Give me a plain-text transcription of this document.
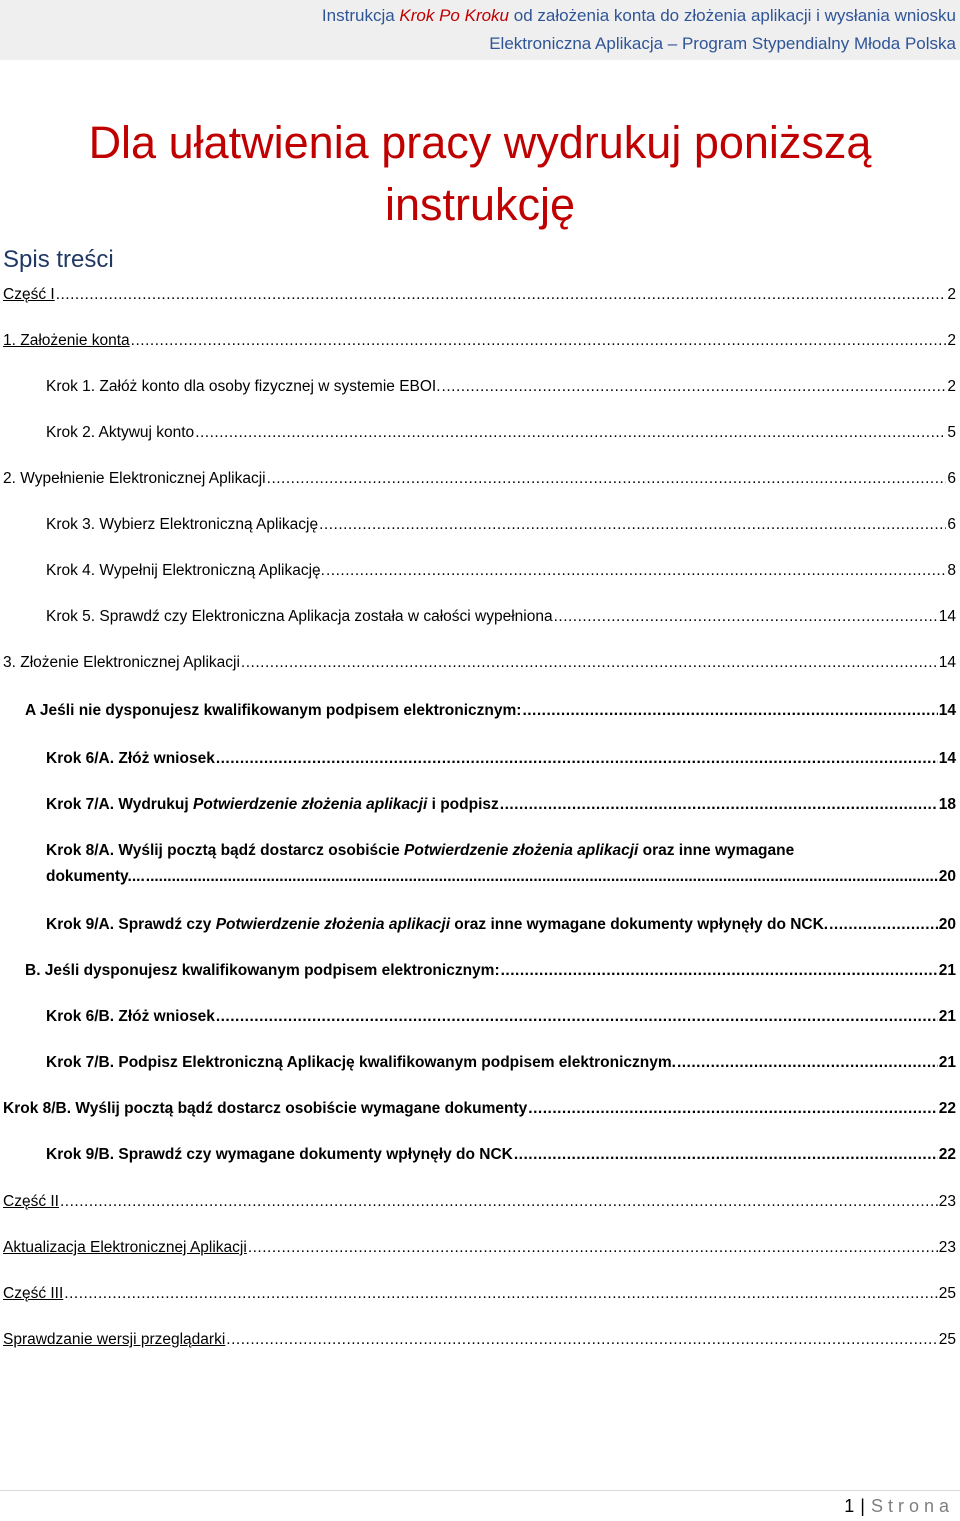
Instrukcja Krok Po Kroku od założenia konta do złożenia aplikacji i wysłania wniosku
Elektroniczna Aplikacja – Program Stypendialny Młoda Polska
Dla ułatwienia pracy wydrukuj poniższą
instrukcję
Spis treści
Część I .....	2
1. Założenie konta .....	2
Krok 1. Załóż konto dla osoby fizycznej w systemie EBOI. .....	2
Krok 2. Aktywuj konto .....	5
2. Wypełnienie Elektronicznej Aplikacji .....	6
Krok 3. Wybierz Elektroniczną Aplikację .....	6
Krok 4. Wypełnij Elektroniczną Aplikację. .....	8
Krok 5. Sprawdź czy Elektroniczna Aplikacja została w całości wypełniona .....	14
3. Złożenie Elektronicznej Aplikacji .....	14
A Jeśli nie dysponujesz kwalifikowanym podpisem elektronicznym: .....	14
Krok 6/A. Złóż wniosek .....	14
Krok 7/A. Wydrukuj Potwierdzenie złożenia aplikacji i podpisz .....	18
Krok 8/A. Wyślij pocztą bądź dostarcz osobiście Potwierdzenie złożenia aplikacji oraz inne wymagane
dokumenty.... .....	20
Krok 9/A. Sprawdź czy Potwierdzenie złożenia aplikacji oraz inne wymagane dokumenty wpłynęły do NCK. .....	20
B. Jeśli dysponujesz kwalifikowanym podpisem elektronicznym: .....	21
Krok 6/B. Złóż wniosek .....	21
Krok 7/B. Podpisz Elektroniczną Aplikację kwalifikowanym podpisem elektronicznym. .....	21
Krok 8/B. Wyślij pocztą bądź dostarcz osobiście wymagane dokumenty .....	22
Krok 9/B. Sprawdź czy wymagane dokumenty wpłynęły do NCK .....	22
Część II .....	23
Aktualizacja Elektronicznej Aplikacji .....	23
Część III .....	25
Sprawdzanie wersji przeglądarki .....	25
1 | Strona
